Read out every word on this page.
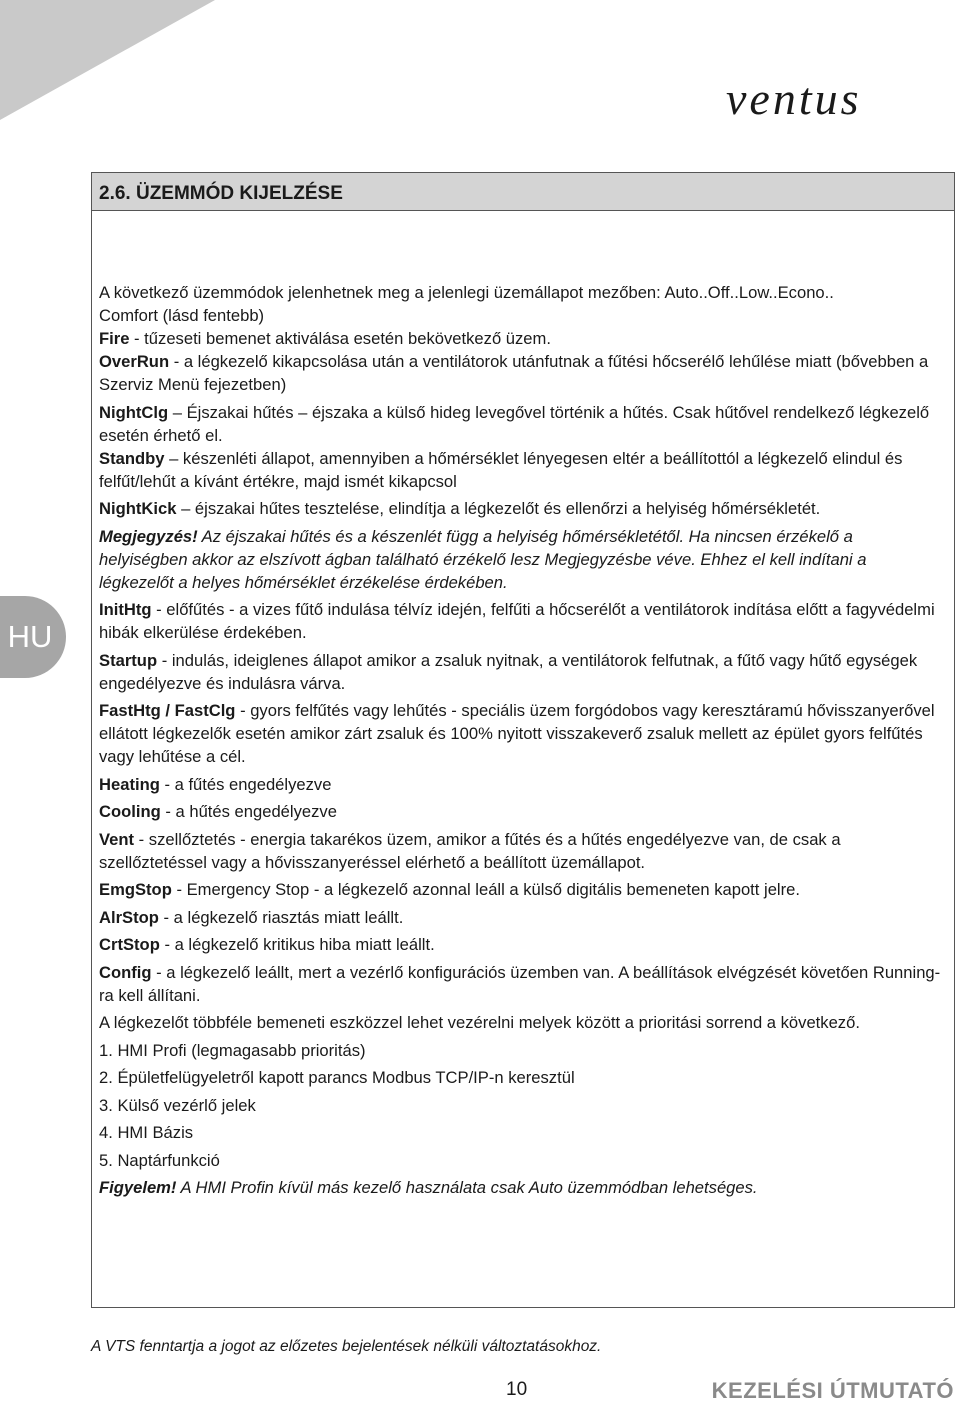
ventus
HU
2.6. ÜZEMMÓD KIJELZÉSE

A következő üzemmódok jelenhetnek meg a jelenlegi üzemállapot mezőben: Auto..Off..Low..Econo..

Comfort (lásd fentebb)

Fire - tűzeseti bemenet aktiválása esetén bekövetkező üzem.

OverRun - a légkezelő kikapcsolása után a ventilátorok utánfutnak a fűtési hőcserélő lehűlése miatt (bővebben a Szerviz Menü fejezetben)

NightClg – Éjszakai hűtés – éjszaka a külső hideg levegővel történik a hűtés. Csak hűtővel rendelkező légkezelő esetén érhető el.

Standby – készenléti állapot, amennyiben a hőmérséklet lényegesen eltér a beállítottól a légkezelő elindul és felfűt/lehűt a kívánt értékre, majd ismét kikapcsol

NightKick – éjszakai hűtes tesztelése, elindítja a légkezelőt és ellenőrzi a helyiség hőmérsékletét.

Megjegyzés! Az éjszakai hűtés és a készenlét függ a helyiség hőmérsékletétől. Ha nincsen érzékelő a helyiségben akkor az elszívott ágban található érzékelő lesz Megjegyzésbe véve. Ehhez el kell indítani a légkezelőt a helyes hőmérséklet érzékelése érdekében.

InitHtg - előfűtés - a vizes fűtő indulása télvíz idején, felfűti a hőcserélőt a ventilátorok indítása előtt a fagyvédelmi hibák elkerülése érdekében.

Startup - indulás, ideiglenes állapot amikor a zsaluk nyitnak, a ventilátorok felfutnak, a fűtő vagy hűtő egységek engedélyezve és indulásra várva.

FastHtg / FastClg - gyors felfűtés vagy lehűtés - speciális üzem forgódobos vagy keresztáramú hővisszanyerővel ellátott légkezelők esetén amikor zárt zsaluk és 100% nyitott visszakeverő zsaluk mellett az épület gyors felfűtés vagy lehűtése a cél.

Heating - a fűtés engedélyezve

Cooling - a hűtés engedélyezve

Vent - szellőztetés - energia takarékos üzem, amikor a fűtés és a hűtés engedélyezve van, de csak a szellőztetéssel vagy a hővisszanyeréssel elérhető a beállított üzemállapot.

EmgStop - Emergency Stop - a légkezelő azonnal leáll a külső digitális bemeneten kapott jelre.

AlrStop - a légkezelő riasztás miatt leállt.

CrtStop - a légkezelő kritikus hiba miatt leállt.

Config - a légkezelő leállt, mert a vezérlő konfigurációs üzemben van. A beállítások elvégzését követően Running-ra kell állítani.

A légkezelőt többféle bemeneti eszközzel lehet vezérelni melyek között a prioritási sorrend a következő.

1. HMI Profi (legmagasabb prioritás)

2. Épületfelügyeletről kapott parancs Modbus TCP/IP-n keresztül

3. Külső vezérlő jelek

4. HMI Bázis

5. Naptárfunkció

Figyelem! A HMI Profin kívül más kezelő használata csak Auto üzemmódban lehetséges.

A VTS fenntartja a jogot az előzetes bejelentések nélküli változtatásokhoz.
10	KEZELÉSI ÚTMUTATÓ
